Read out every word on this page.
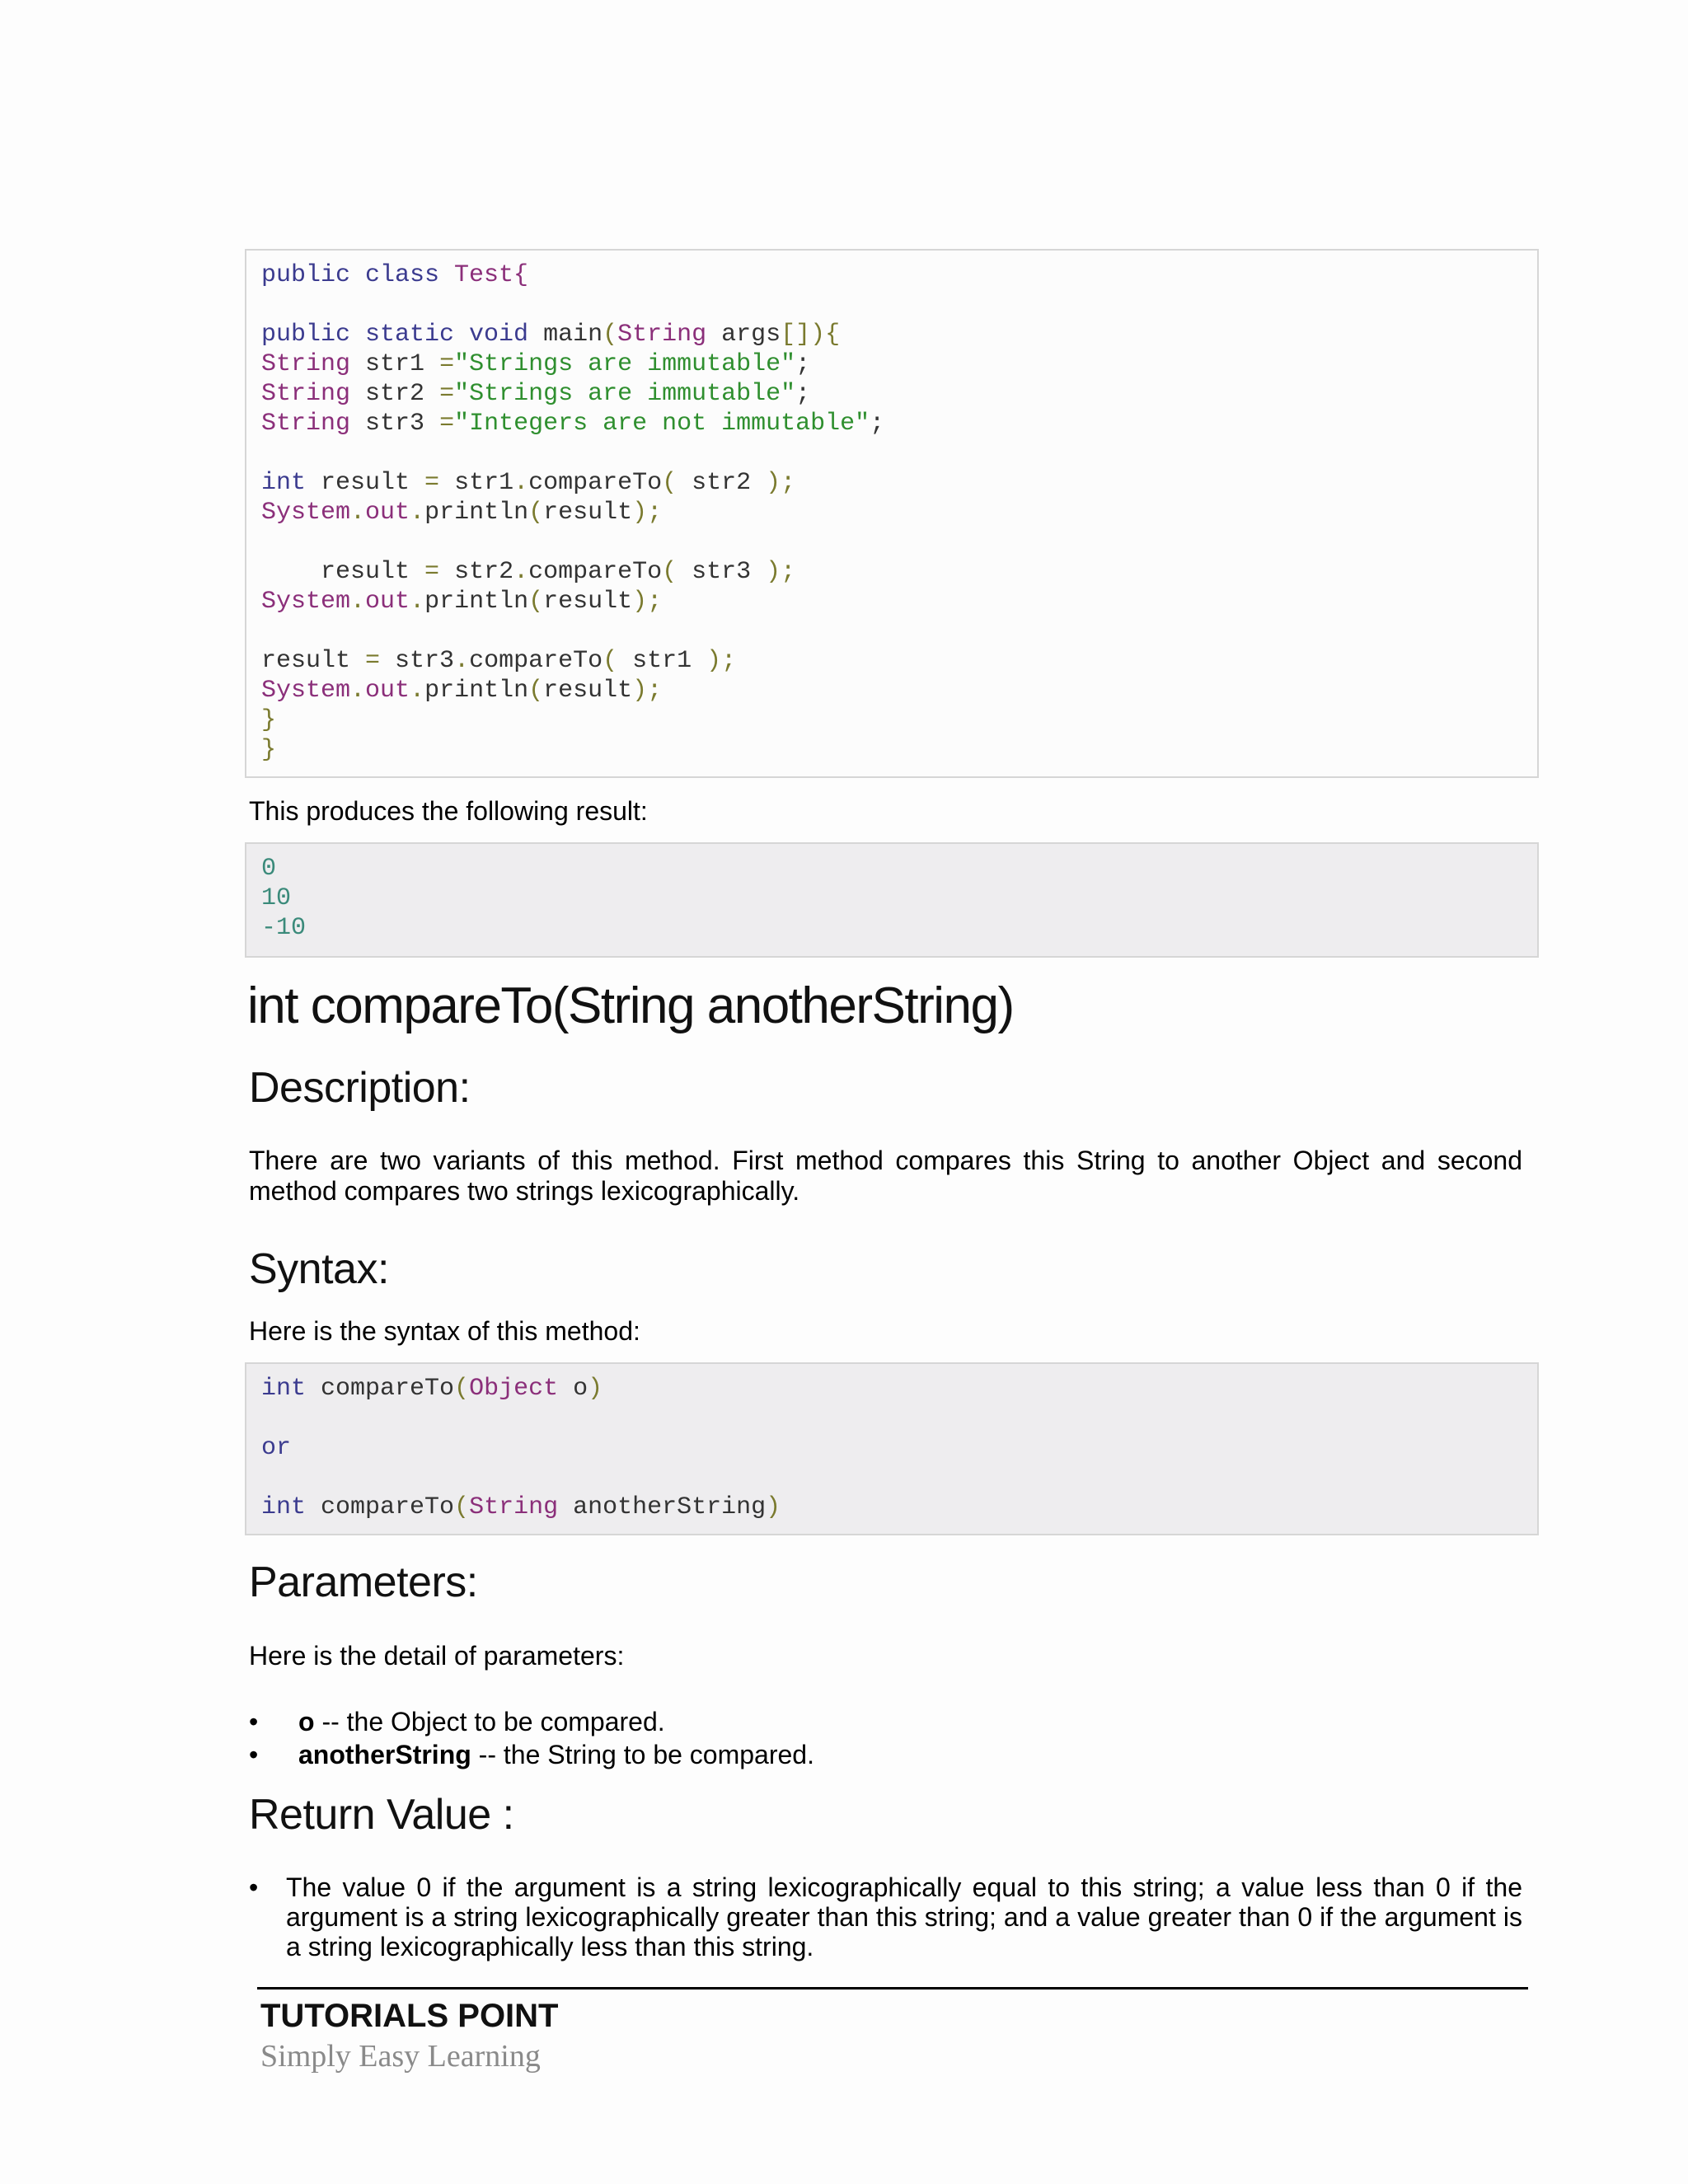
public class Test{
public static void main(String args[]){
String str1 ="Strings are immutable";
String str2 ="Strings are immutable";
String str3 ="Integers are not immutable";
int result = str1.compareTo( str2 );
System.out.println(result);
result = str2.compareTo( str3 );
System.out.println(result);
result = str3.compareTo( str1 );
System.out.println(result);
}
}
This produces the following result:
0
10
-10
int compareTo(String anotherString)
Description:
There are two variants of this method. First method compares this String to another Object and second method compares two strings lexicographically.
Syntax:
Here is the syntax of this method:
int compareTo(Object o)
or
int compareTo(String anotherString)
Parameters:
Here is the detail of parameters:
• o -- the Object to be compared.
• anotherString -- the String to be compared.
Return Value :
• The value 0 if the argument is a string lexicographically equal to this string; a value less than 0 if the argument is a string lexicographically greater than this string; and a value greater than 0 if the argument is a string lexicographically less than this string.
TUTORIALS POINT
Simply Easy Learning
